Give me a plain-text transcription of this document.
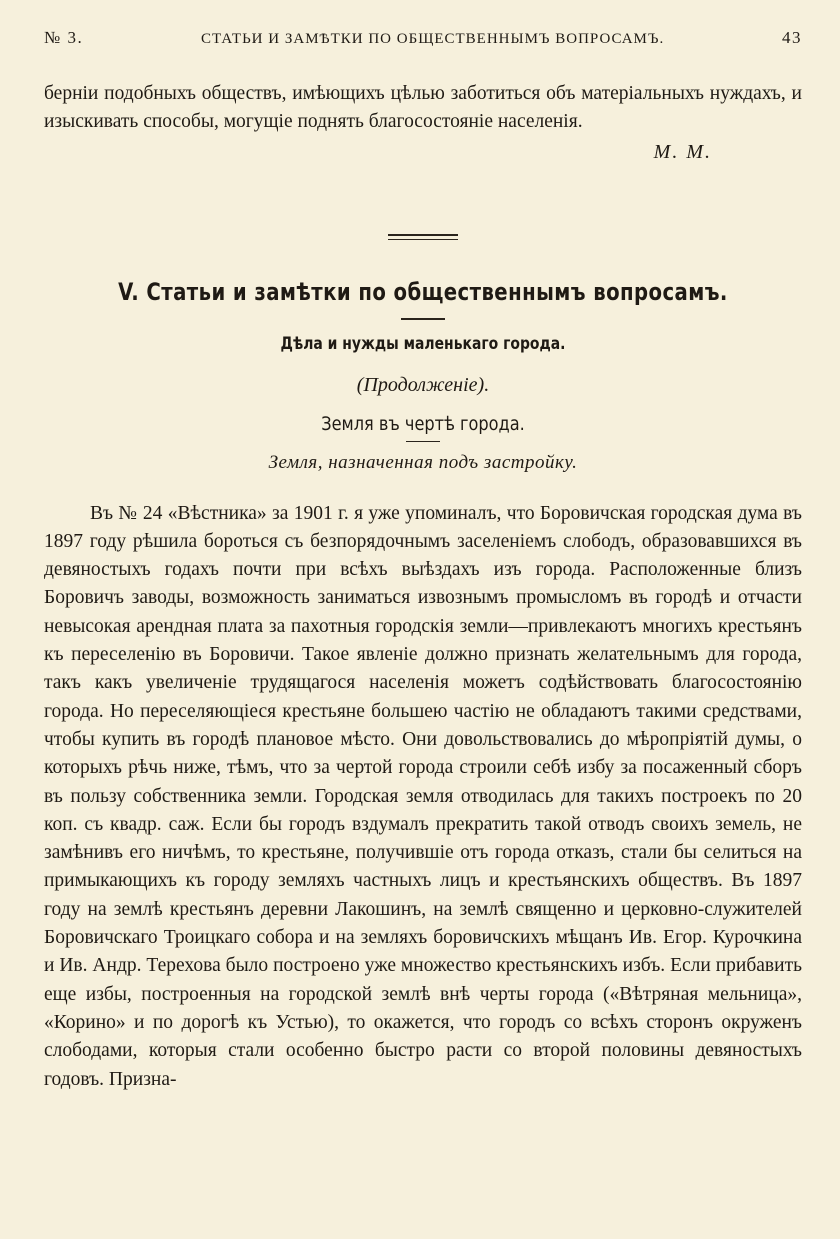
№ 3.	СТАТЬИ И ЗАМѢТКИ ПО ОБЩЕСТВЕННЫМЪ ВОПРОСАМЪ.	43

берніи подобныхъ обществъ, имѣющихъ цѣлью заботиться объ матеріальныхъ нуждахъ, и изыскивать способы, могущіе поднять благосостояніе населенія.

М. М.
V. Статьи и замѣтки по общественнымъ вопросамъ.
Дѣла и нужды маленькаго города.
(Продолженіе).
Земля въ чертѣ города.
Земля, назначенная подъ застройку.

Въ № 24 «Вѣстника» за 1901 г. я уже упоминалъ, что Боровичская городская дума въ 1897 году рѣшила бороться съ безпорядочнымъ заселеніемъ слободъ, образовавшихся въ девяностыхъ годахъ почти при всѣхъ выѣздахъ изъ города. Расположенные близъ Боровичъ заводы, возможность заниматься извознымъ промысломъ въ городѣ и отчасти невысокая арендная плата за пахотныя городскія земли—привлекаютъ многихъ крестьянъ къ переселенію въ Боровичи. Такое явленіе должно признать желательнымъ для города, такъ какъ увеличеніе трудящагося населенія можетъ содѣйствовать благосостоянію города. Но переселяющіеся крестьяне большею частію не обладаютъ такими средствами, чтобы купить въ городѣ плановое мѣсто. Они довольствовались до мѣропріятій думы, о которыхъ рѣчь ниже, тѣмъ, что за чертой города строили себѣ избу за посаженный сборъ въ пользу собственника земли. Городская земля отводилась для такихъ построекъ по 20 коп. съ квадр. саж. Если бы городъ вздумалъ прекратить такой отводъ своихъ земель, не замѣнивъ его ничѣмъ, то крестьяне, получившіе отъ города отказъ, стали бы селиться на примыкающихъ къ городу земляхъ частныхъ лицъ и крестьянскихъ обществъ. Въ 1897 году на землѣ крестьянъ деревни Лакошинъ, на землѣ священно и церковно-служителей Боровичскаго Троицкаго собора и на земляхъ боровичскихъ мѣщанъ Ив. Егор. Курочкина и Ив. Андр. Терехова было построено уже множество крестьянскихъ избъ. Если прибавить еще избы, построенныя на городской землѣ внѣ черты города («Вѣтряная мельница», «Корино» и по дорогѣ къ Устью), то окажется, что городъ со всѣхъ сторонъ окруженъ слободами, которыя стали особенно быстро расти со второй половины девяностыхъ годовъ. Призна-
